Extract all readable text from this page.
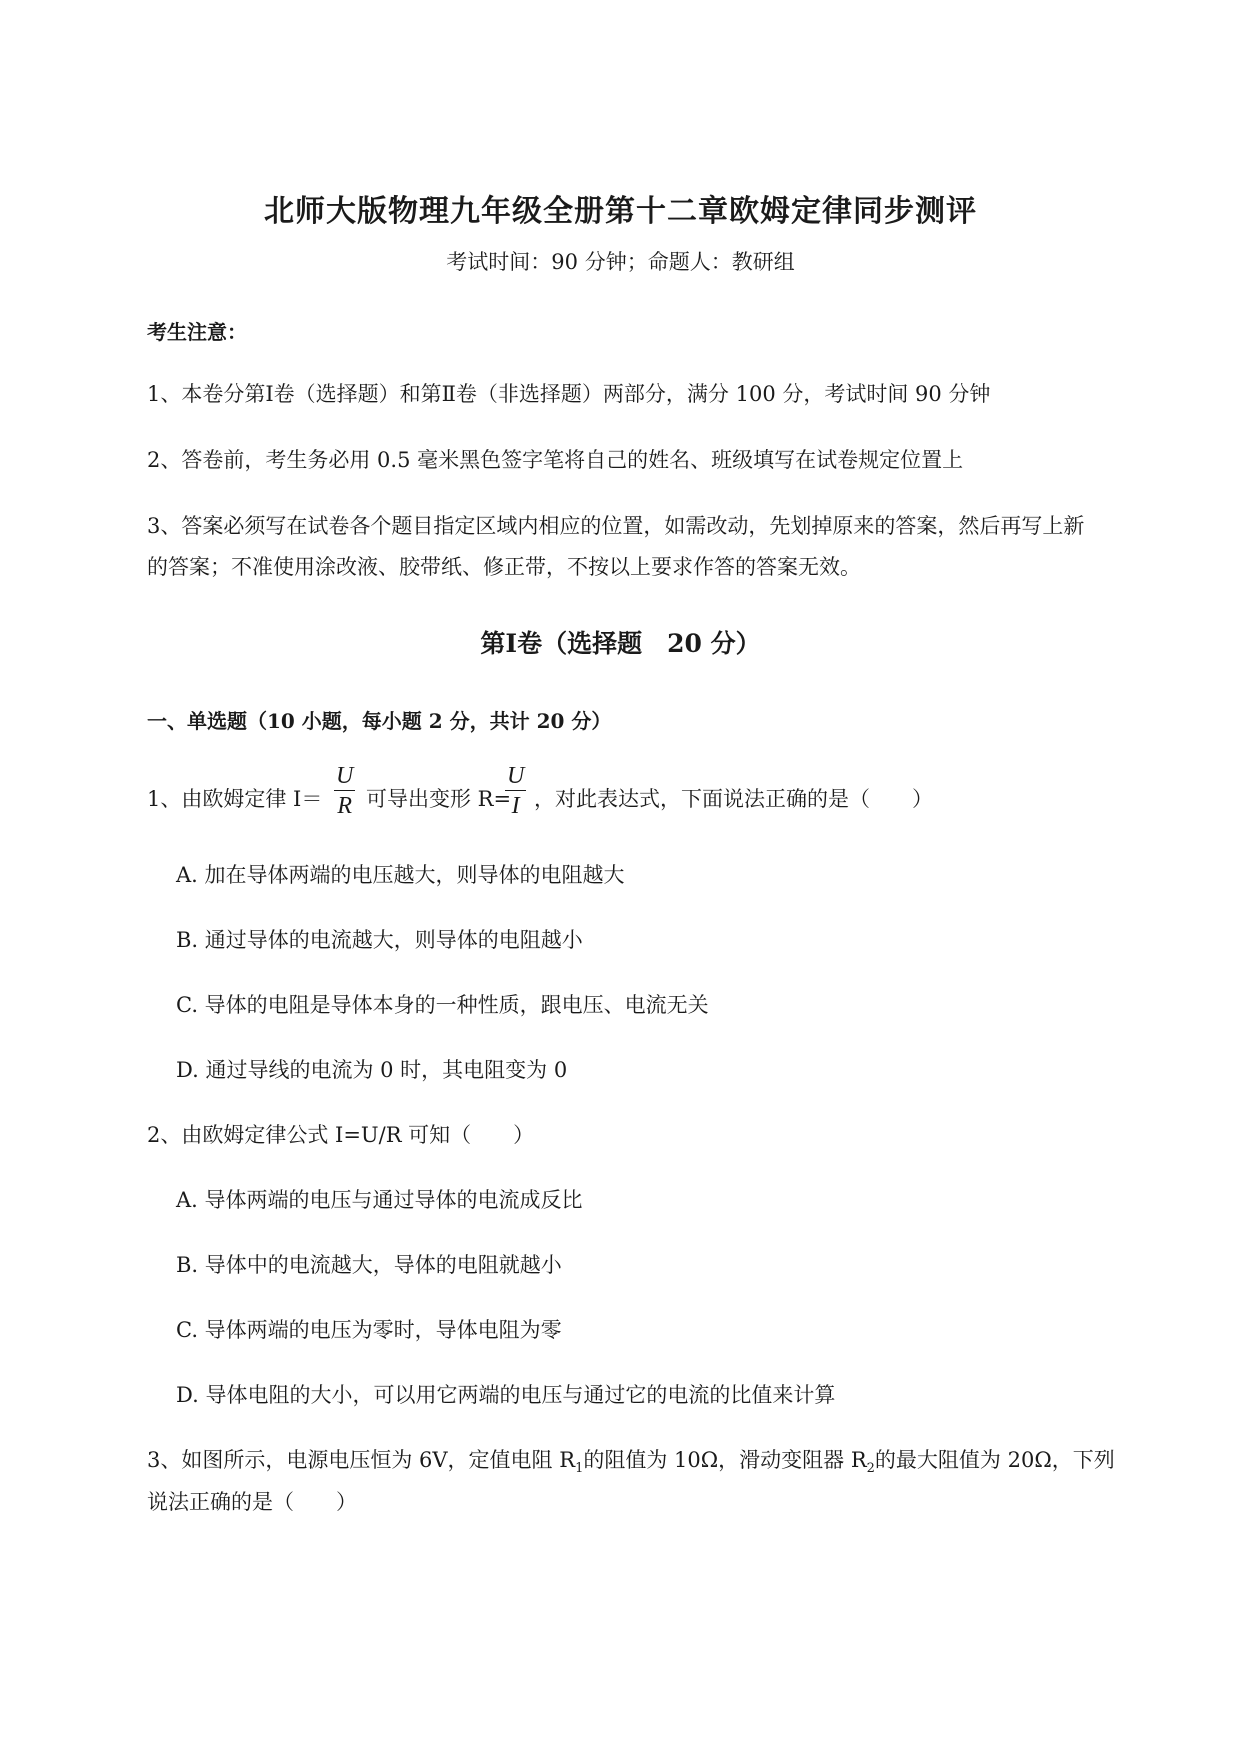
北师大版物理九年级全册第十二章欧姆定律同步测评
考试时间：90 分钟；命题人：教研组
考生注意：
1、本卷分第Ⅰ卷（选择题）和第Ⅱ卷（非选择题）两部分，满分 100 分，考试时间 90 分钟
2、答卷前，考生务必用 0.5 毫米黑色签字笔将自己的姓名、班级填写在试卷规定位置上
3、答案必须写在试卷各个题目指定区域内相应的位置，如需改动，先划掉原来的答案，然后再写上新
的答案；不准使用涂改液、胶带纸、修正带，不按以上要求作答的答案无效。
第Ⅰ卷（选择题　20 分）
一、单选题（10 小题，每小题 2 分，共计 20 分）
1、由欧姆定律 $I= \frac{U}{R}$ 可导出变形 R=
$\frac{U}{I}$ ，对此表达式，下面说法正确的是（　　）
A. 加在导体两端的电压越大，则导体的电阻越大
B. 通过导体的电流越大，则导体的电阻越小
C. 导体的电阻是导体本身的一种性质，跟电压、电流无关
D. 通过导线的电流为 0 时，其电阻变为 0
2、由欧姆定律公式 I=U/R 可知（　　）
A. 导体两端的电压与通过导体的电流成反比
B. 导体中的电流越大，导体的电阻就越小
C. 导体两端的电压为零时，导体电阻为零
D. 导体电阻的大小，可以用它两端的电压与通过它的电流的比值来计算
3、如图所示，电源电压恒为 6V，定值电阻 $R_1$的阻值为 10Ω，滑动变阻器 $R_2$的最大阻值为 20Ω，下列
说法正确的是（　　）
